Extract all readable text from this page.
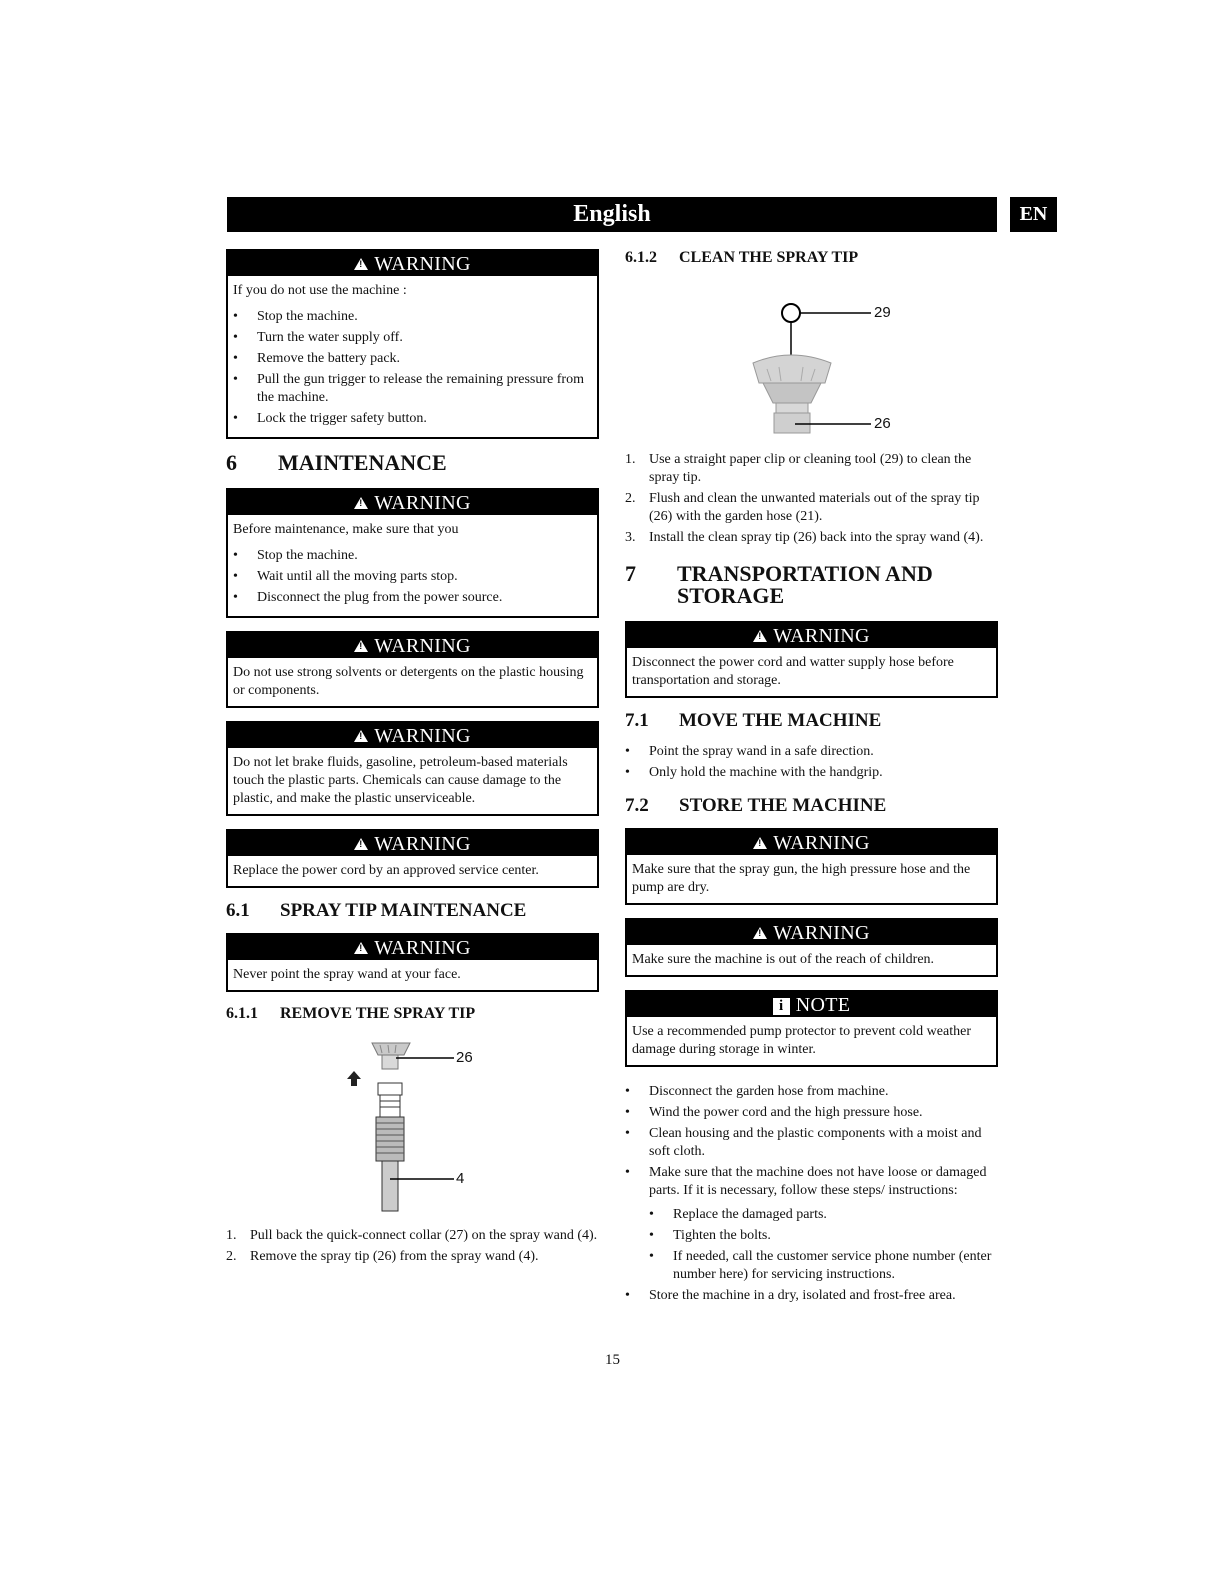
English	EN
!WARNING

If you do not use the machine :

• Stop the machine.
• Turn the water supply off.
• Remove the battery pack.
• Pull the gun trigger to release the remaining pressure from the machine.
• Lock the trigger safety button.
6	MAINTENANCE
!WARNING

Before maintenance, make sure that you

• Stop the machine.
• Wait until all the moving parts stop.
• Disconnect the plug from the power source.
!WARNING

Do not use strong solvents or detergents on the plastic housing or components.

!WARNING

Do not let brake fluids, gasoline, petroleum-based materials touch the plastic parts. Chemicals can cause damage to the plastic, and make the plastic unserviceable.

!WARNING

Replace the power cord by an approved service center.

6.1	SPRAY TIP MAINTENANCE
!WARNING

Never point the spray wand at your face.

6.1.1	REMOVE THE SPRAY TIP
26
4
1. Pull back the quick-connect collar (27) on the spray wand (4).
2. Remove the spray tip (26) from the spray wand (4).
6.1.2	CLEAN THE SPRAY TIP
29
26
1. Use a straight paper clip or cleaning tool (29) to clean the spray tip.
2. Flush and clean the unwanted materials out of the spray tip (26) with the garden hose (21).
3. Install the clean spray tip (26) back into the spray wand (4).
7	TRANSPORTATION AND STORAGE
!WARNING

Disconnect the power cord and watter supply hose before transportation and storage.

7.1	MOVE THE MACHINE
• Point the spray wand in a safe direction.
• Only hold the machine with the handgrip.
7.2	STORE THE MACHINE
!WARNING

Make sure that the spray gun, the high pressure hose and the pump are dry.

!WARNING

Make sure the machine is out of the reach of children.

i NOTE

Use a recommended pump protector to prevent cold weather damage during storage in winter.

• Disconnect the garden hose from machine.
• Wind the power cord and the high pressure hose.
• Clean housing and the plastic components with a moist and soft cloth.
• Make sure that the machine does not have loose or damaged parts. If it is necessary, follow these steps/ instructions:
• Replace the damaged parts.
• Tighten the bolts.
• If needed, call the customer service phone number (enter number here) for servicing instructions.
• Store the machine in a dry, isolated and frost-free area.
15
